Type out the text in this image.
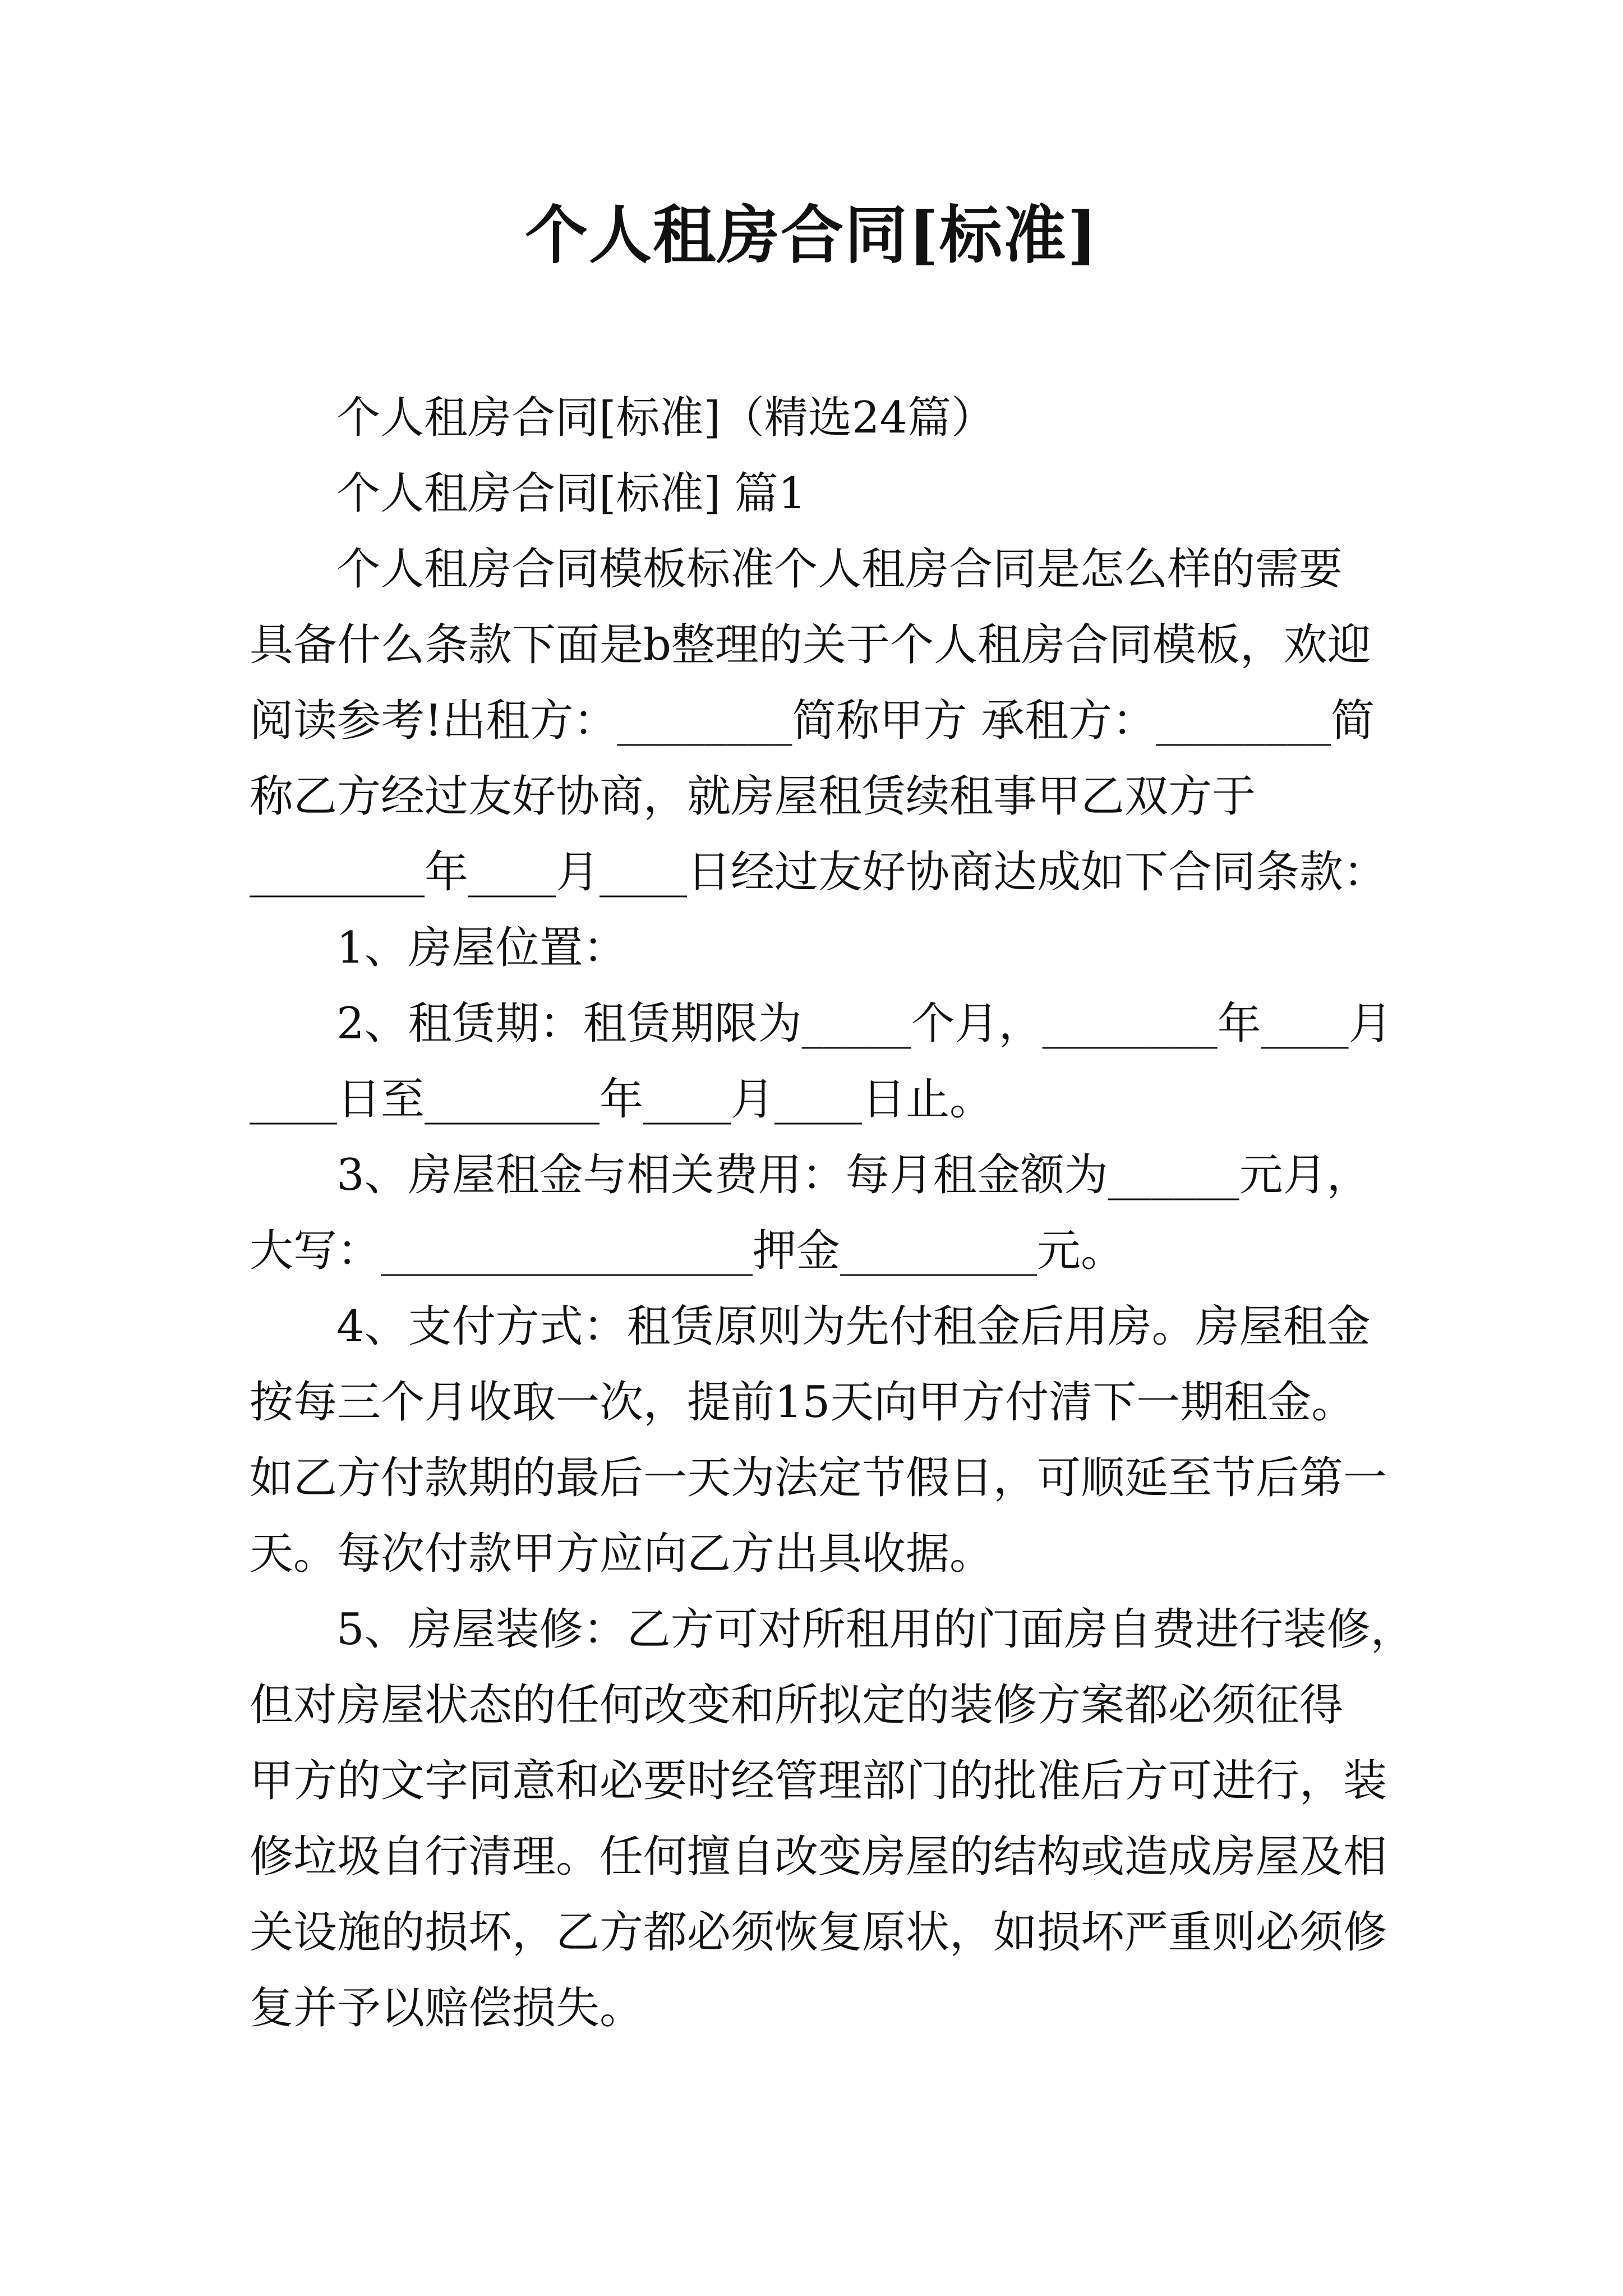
个人租房合同[标准]
个人租房合同[标准]（精选24篇）
个人租房合同[标准] 篇1
个人租房合同模板标准个人租房合同是怎么样的需要
具备什么条款下面是b整理的关于个人租房合同模板，欢迎
阅读参考!出租方：________简称甲方 承租方：________简
称乙方经过友好协商，就房屋租赁续租事甲乙双方于
________年____月____日经过友好协商达成如下合同条款：
1、房屋位置：
2、租赁期：租赁期限为_____个月，________年____月
____日至________年____月____日止。
3、房屋租金与相关费用：每月租金额为______元月，
大写：_________________押金_________元。
4、支付方式：租赁原则为先付租金后用房。房屋租金
按每三个月收取一次，提前15天向甲方付清下一期租金。
如乙方付款期的最后一天为法定节假日，可顺延至节后第一
天。每次付款甲方应向乙方出具收据。
5、房屋装修：乙方可对所租用的门面房自费进行装修，
但对房屋状态的任何改变和所拟定的装修方案都必须征得
甲方的文字同意和必要时经管理部门的批准后方可进行，装
修垃圾自行清理。任何擅自改变房屋的结构或造成房屋及相
关设施的损坏，乙方都必须恢复原状，如损坏严重则必须修
复并予以赔偿损失。
